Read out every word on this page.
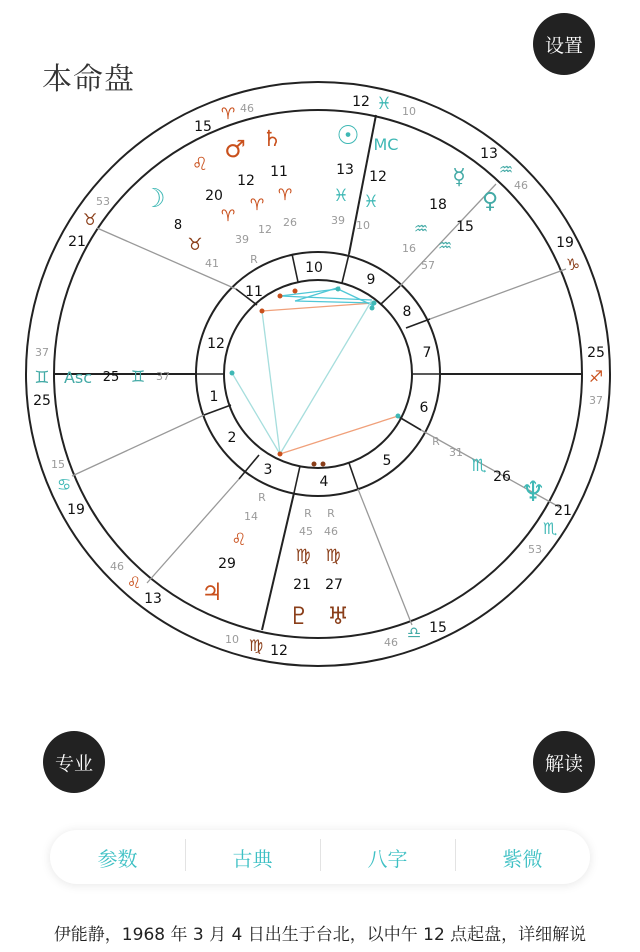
本命盘
设置
1
2
3
4
5
6
7
8
9
10
11
12
37
♊
25
15
♋
19
46
♌
13
10 ♍ 12
46
♎ 15
21
♏
53
25
♐
37
19
♑
13
♒
46
12 ♓ 10
15
♈ 46
53
♉
21
Asc 25 ♊ 37
MC
♌
☽	20
8
♉
41
♂ ♄
12
11
♈
♈
♈
39
12
26
R
☉
13
♓
39
12
♓
10
☿
♀
18
15
♒
♒
16
57
R
31
♏
26 ♆
R
14
♌
29
♃
R R
45 46
♍ ♍
21 27
♇ ♅
专业	解读
参数	古典	八字	紫微
伊能静，1968 年 3 月 4 日出生于台北，以中午 12 点起盘，详细解说
